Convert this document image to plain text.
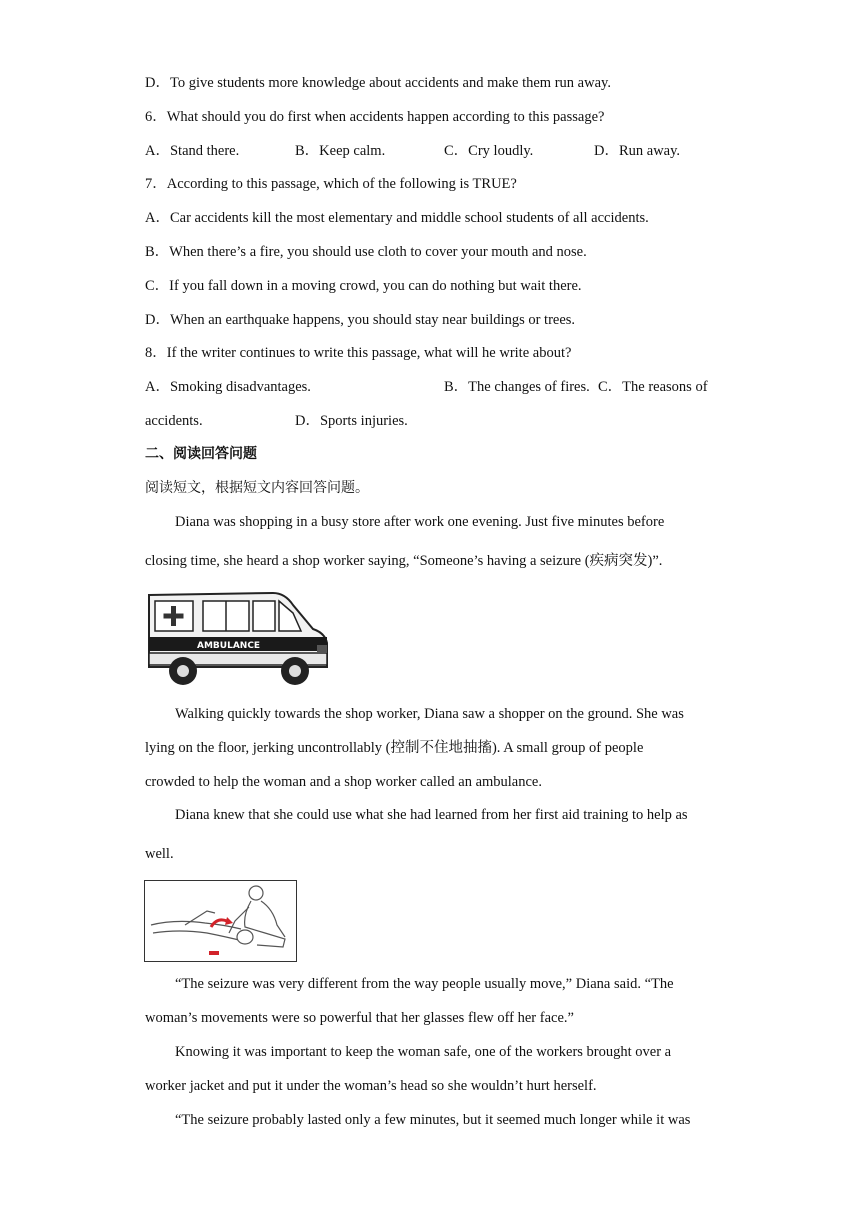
D．To give students more knowledge about accidents and make them run away.
6．What should you do first when accidents happen according to this passage?
A．Stand there.	B．Keep calm.	C．Cry loudly.	D．Run away.
7．According to this passage, which of the following is TRUE?
A．Car accidents kill the most elementary and middle school students of all accidents.
B．When there’s a fire, you should use cloth to cover your mouth and nose.
C．If you fall down in a moving crowd, you can do nothing but wait there.
D．When an earthquake happens, you should stay near buildings or trees.
8．If the writer continues to write this passage, what will he write about?
A．Smoking disadvantages.	B．The changes of fires. C．The reasons of
accidents.	D．Sports injuries.
二、阅读回答问题
阅读短文，根据短文内容回答问题。
Diana was shopping in a busy store after work one evening. Just five minutes before
closing time, she heard a shop worker saying, “Someone’s having a seizure (疾病突发)”.
AMBULANCE
Walking quickly towards the shop worker, Diana saw a shopper on the ground. She was
lying on the floor, jerking uncontrollably (控制不住地抽搐). A small group of people
crowded to help the woman and a shop worker called an ambulance.
Diana knew that she could use what she had learned from her first aid training to help as
well.
“The seizure was very different from the way people usually move,” Diana said. “The
woman’s movements were so powerful that her glasses flew off her face.”
Knowing it was important to keep the woman safe, one of the workers brought over a
worker jacket and put it under the woman’s head so she wouldn’t hurt herself.
“The seizure probably lasted only a few minutes, but it seemed much longer while it was
